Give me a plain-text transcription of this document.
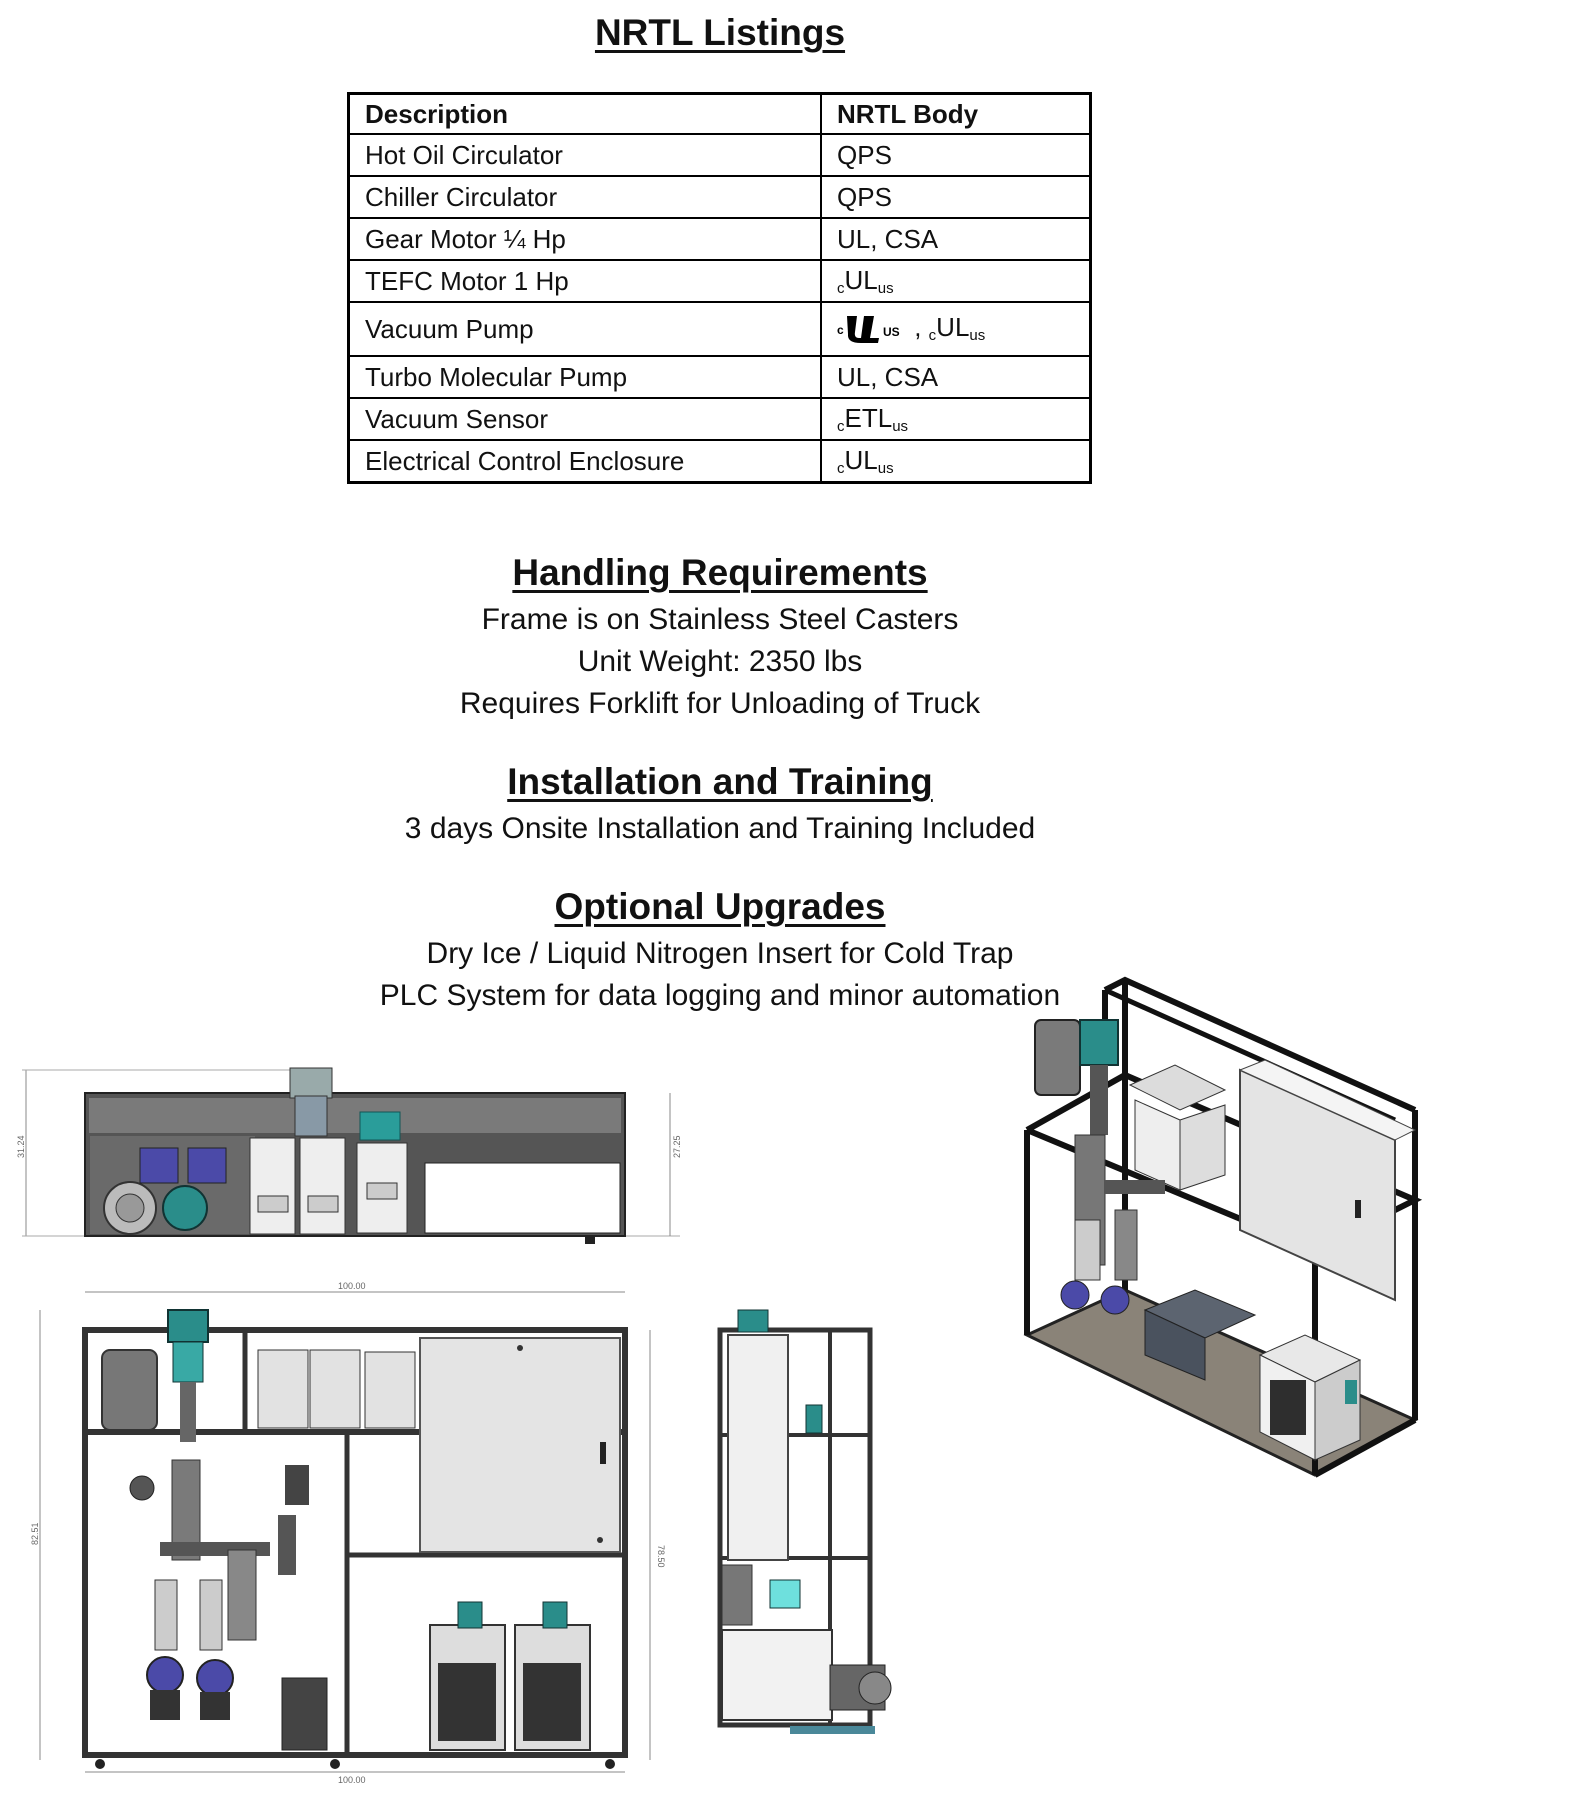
NRTL Listings
Description	NRTL Body
Hot Oil Circulator	QPS
Chiller Circulator	QPS
Gear Motor ¼ Hp	UL, CSA
TEFC Motor 1 Hp	$_cUL_{us}$
Vacuum Pump	c US , $_cUL_{us}$
Turbo Molecular Pump	UL, CSA
Vacuum Sensor	$_cETL_{us}$
Electrical Control Enclosure	$_cUL_{us}$
Handling Requirements
Frame is on Stainless Steel Casters
Unit Weight: 2350 lbs
Requires Forklift for Unloading of Truck
Installation and Training
3 days Onsite Installation and Training Included
Optional Upgrades
Dry Ice / Liquid Nitrogen Insert for Cold Trap
PLC System for data logging and minor automation
31.24	27.25
100.00
100.00
82.51
78.50
